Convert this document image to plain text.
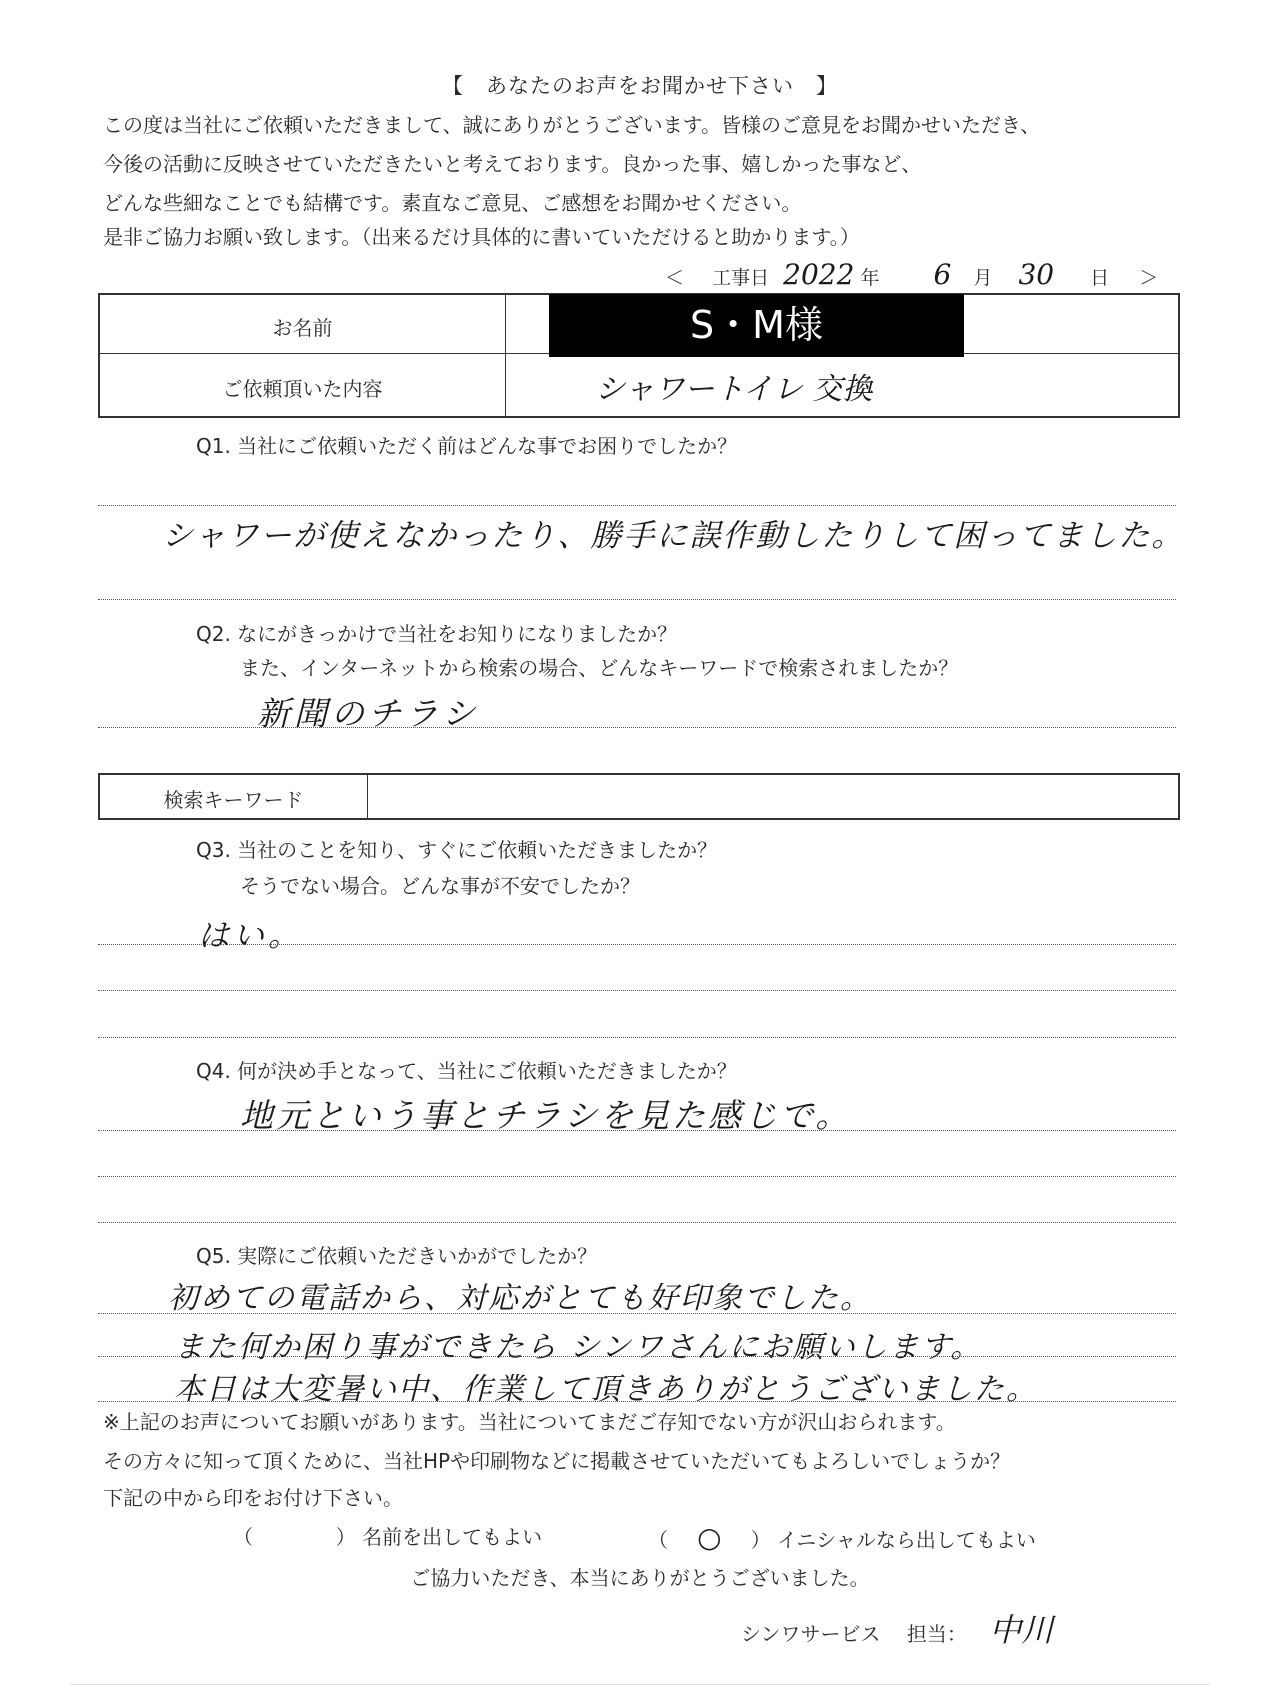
【　あなたのお声をお聞かせ下さい　】
この度は当社にご依頼いただきまして、誠にありがとうございます。皆様のご意見をお聞かせいただき、
今後の活動に反映させていただきたいと考えております。良かった事、嬉しかった事など、
どんな些細なことでも結構です。素直なご意見、ご感想をお聞かせください。
是非ご協力お願い致します。（出来るだけ具体的に書いていただけると助かります。）
＜ 工事日 2022 年 6 月 30 日 ＞
お名前	S・M様
ご依頼頂いた内容	シャワートイレ 交換
Q1. 当社にご依頼いただく前はどんな事でお困りでしたか？
シャワーが使えなかったり、勝手に誤作動したりして困ってました。
Q2. なにがきっかけで当社をお知りになりましたか？
また、インターネットから検索の場合、どんなキーワードで検索されましたか？
新聞のチラシ
検索キーワード
Q3. 当社のことを知り、すぐにご依頼いただきましたか？
そうでない場合。どんな事が不安でしたか？
はい。
Q4. 何が決め手となって、当社にご依頼いただきましたか？
地元という事とチラシを見た感じで。
Q5. 実際にご依頼いただきいかがでしたか？
初めての電話から、対応がとても好印象でした。
また何か困り事ができたら シンワさんにお願いします。
本日は大変暑い中、作業して頂きありがとうございました。
※上記のお声についてお願いがあります。当社についてまだご存知でない方が沢山おられます。
その方々に知って頂くために、当社HPや印刷物などに掲載させていただいてもよろしいでしょうか？
下記の中から印をお付け下さい。
（	） 名前を出してもよい	（ ○ ） イニシャルなら出してもよい
ご協力いただき、本当にありがとうございました。
シンワサービス 担当： 中川
